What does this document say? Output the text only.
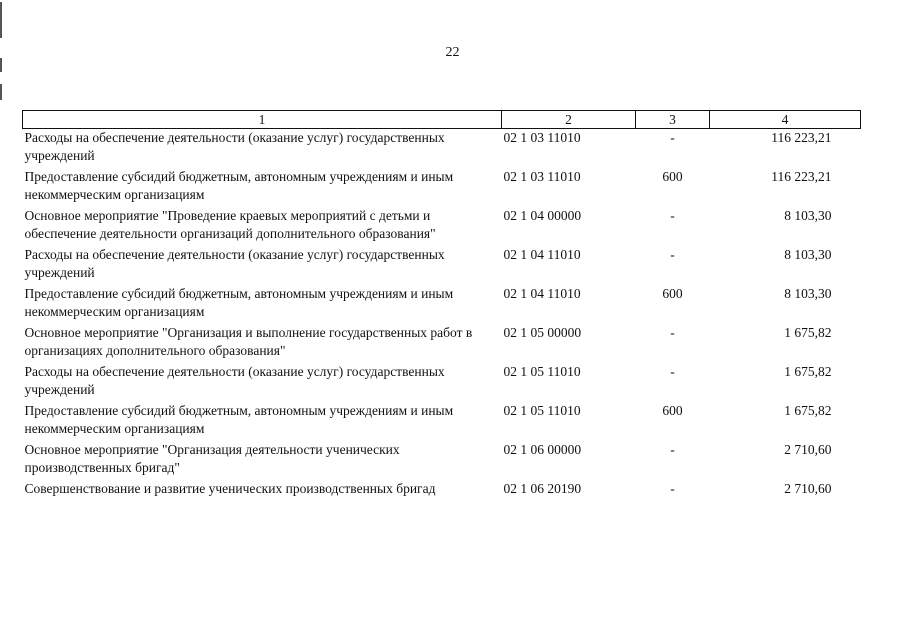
22
1	2	3	4
Расходы на обеспечение деятельности (оказание услуг) государственных учреждений	02 1 03 11010	-	116 223,21
Предоставление субсидий бюджетным, автономным учреждениям и иным некоммерческим организациям	02 1 03 11010	600	116 223,21
Основное мероприятие "Проведение краевых мероприятий с детьми и обеспечение деятельности организаций дополнительного образования"	02 1 04 00000	-	8 103,30
Расходы на обеспечение деятельности (оказание услуг) государственных учреждений	02 1 04 11010	-	8 103,30
Предоставление субсидий бюджетным, автономным учреждениям и иным некоммерческим организациям	02 1 04 11010	600	8 103,30
Основное мероприятие "Организация и выполнение государственных работ в организациях дополнительного образования"	02 1 05 00000	-	1 675,82
Расходы на обеспечение деятельности (оказание услуг) государственных учреждений	02 1 05 11010	-	1 675,82
Предоставление субсидий бюджетным, автономным учреждениям и иным некоммерческим организациям	02 1 05 11010	600	1 675,82
Основное мероприятие "Организация деятельности ученических производственных бригад"	02 1 06 00000	-	2 710,60
Совершенствование и развитие ученических производственных бригад	02 1 06 20190	-	2 710,60
